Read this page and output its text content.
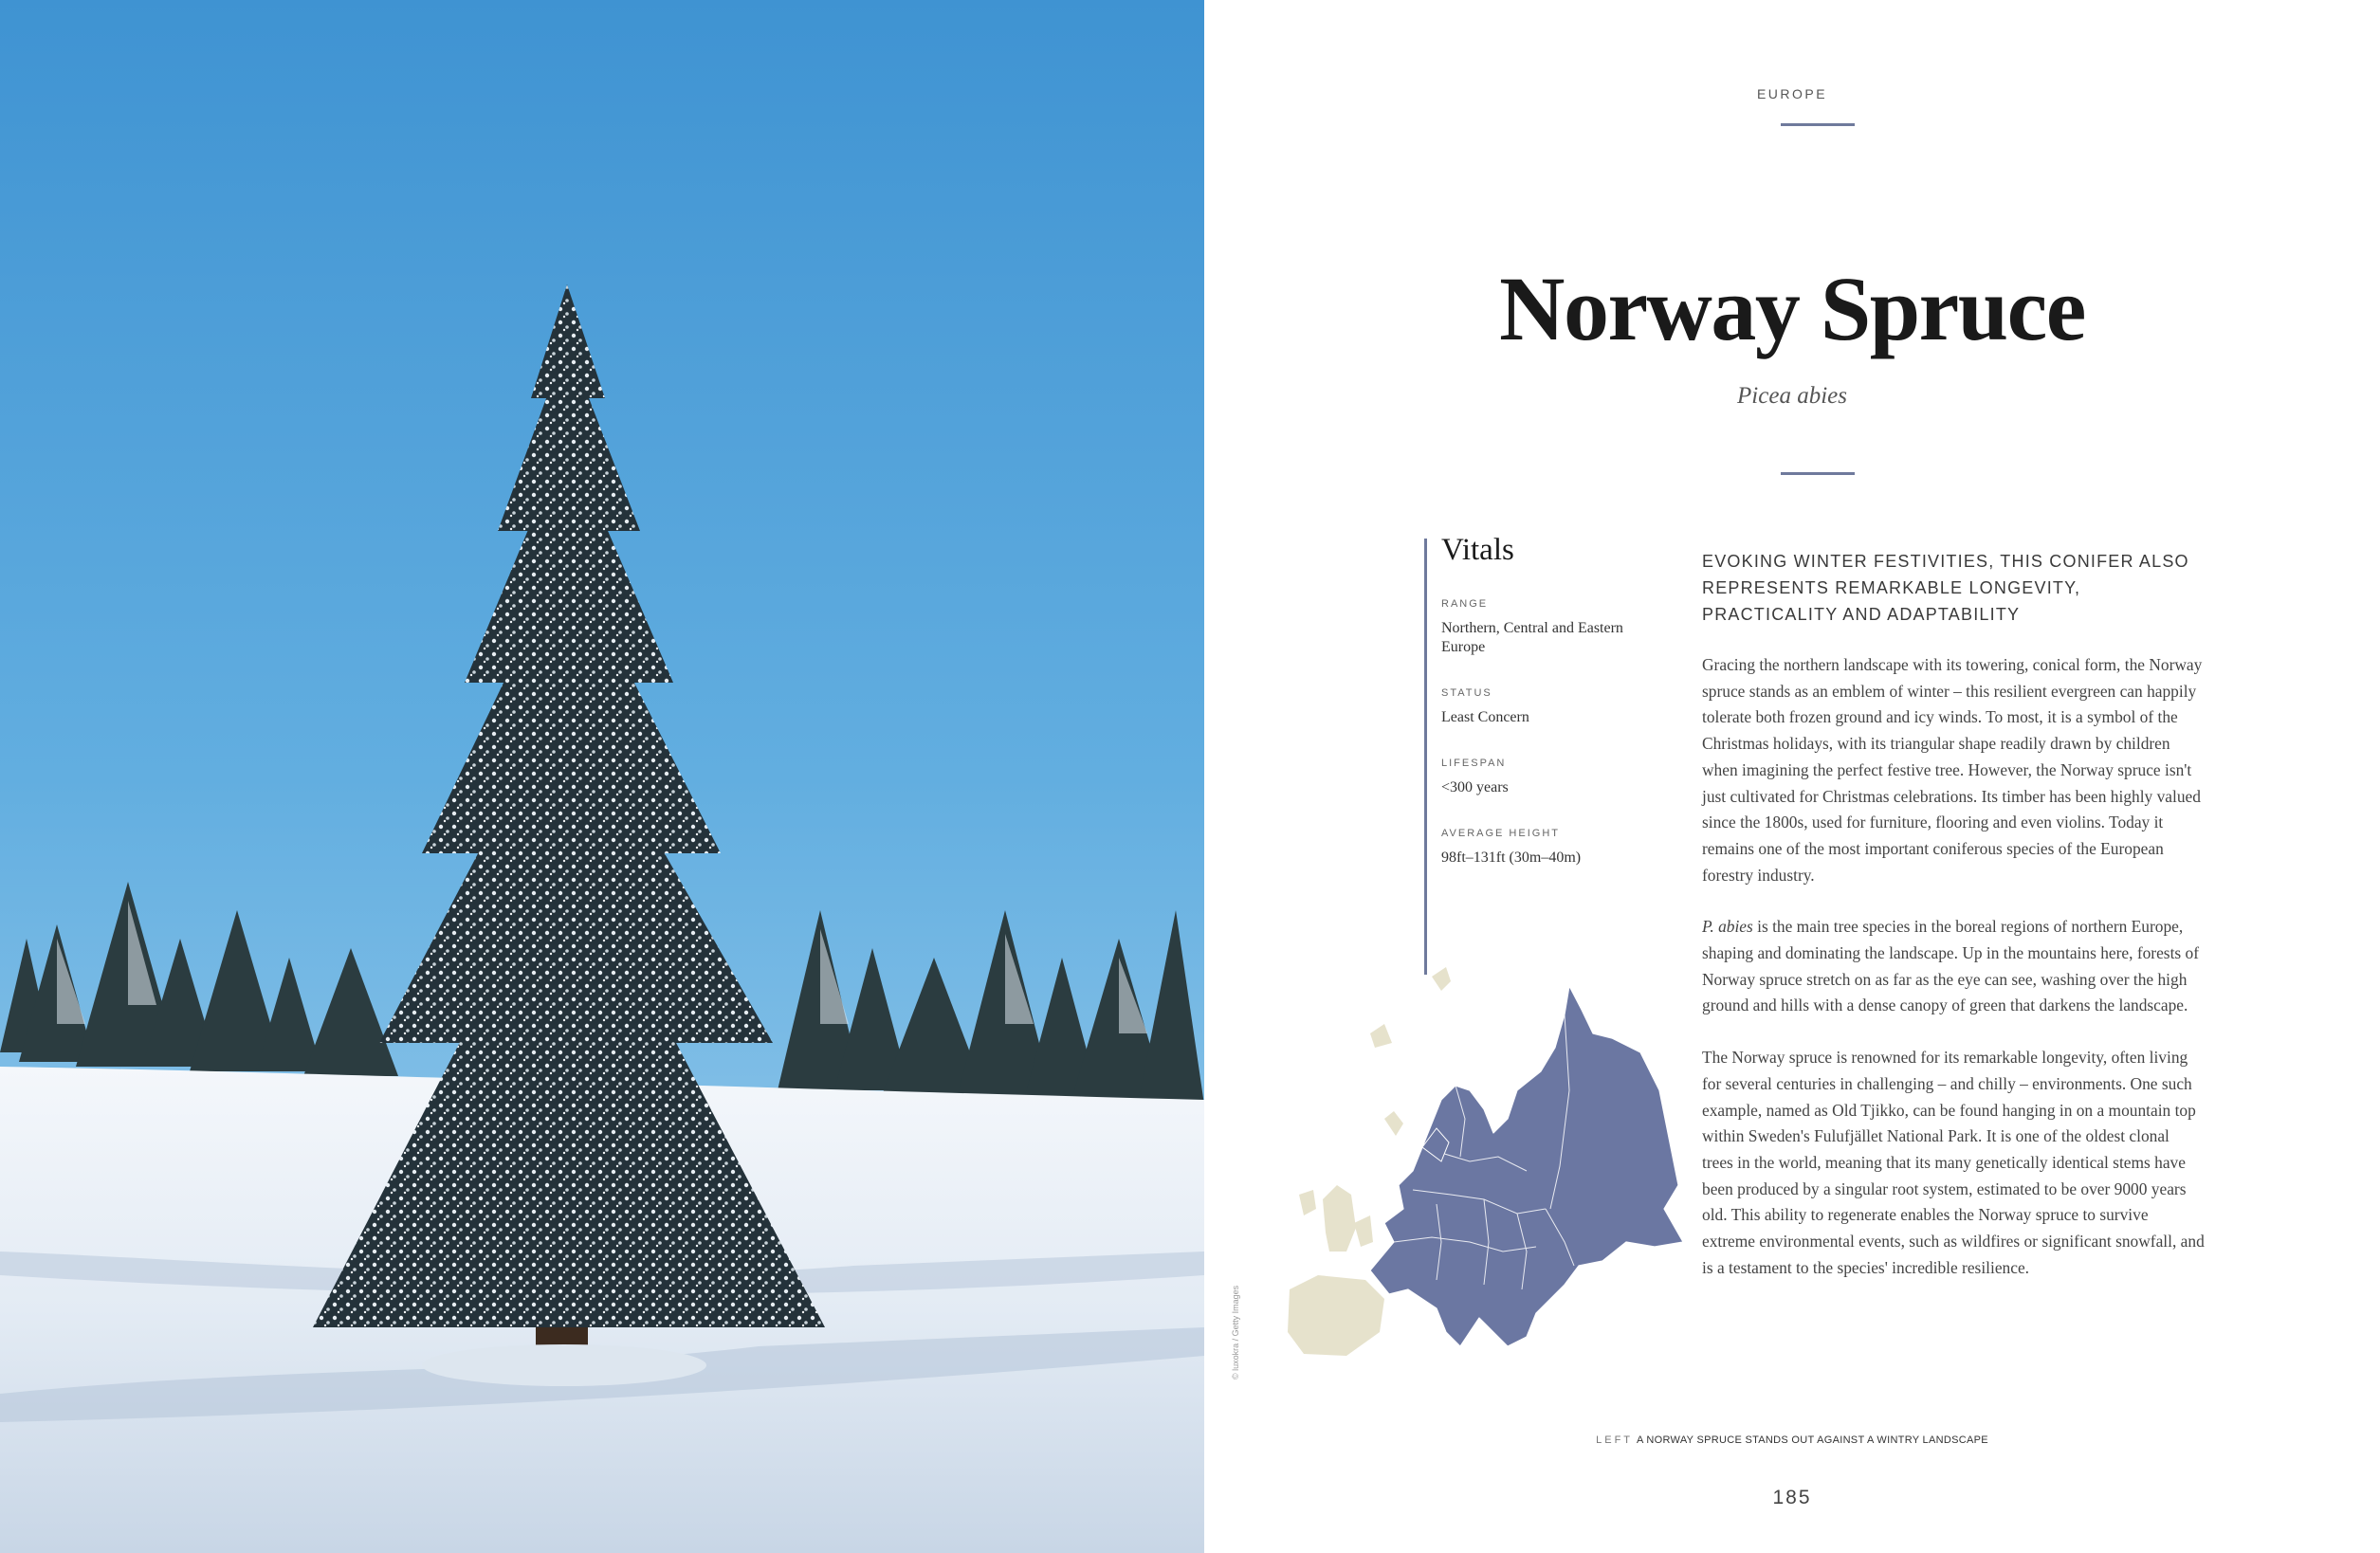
© luxokra / Getty Images
EUROPE
Norway Spruce
Picea abies
Vitals
RANGE
Northern, Central and Eastern Europe
STATUS
Least Concern
LIFESPAN
<300 years
AVERAGE HEIGHT
98ft–131ft (30m–40m)
EVOKING WINTER FESTIVITIES, THIS CONIFER ALSO REPRESENTS REMARKABLE LONGEVITY, PRACTICALITY AND ADAPTABILITY

Gracing the northern landscape with its towering, conical form, the Norway spruce stands as an emblem of winter – this resilient evergreen can happily tolerate both frozen ground and icy winds. To most, it is a symbol of the Christmas holidays, with its triangular shape readily drawn by children when imagining the perfect festive tree. However, the Norway spruce isn't just cultivated for Christmas celebrations. Its timber has been highly valued since the 1800s, used for furniture, flooring and even violins. Today it remains one of the most important coniferous species of the European forestry industry.

P. abies is the main tree species in the boreal regions of northern Europe, shaping and dominating the landscape. Up in the mountains here, forests of Norway spruce stretch on as far as the eye can see, washing over the high ground and hills with a dense canopy of green that darkens the landscape.

The Norway spruce is renowned for its remarkable longevity, often living for several centuries in challenging – and chilly – environments. One such example, named as Old Tjikko, can be found hanging in on a mountain top within Sweden's Fulufjället National Park. It is one of the oldest clonal trees in the world, meaning that its many genetically identical stems have been produced by a singular root system, estimated to be over 9000 years old. This ability to regenerate enables the Norway spruce to survive extreme environmental events, such as wildfires or significant snowfall, and is a testament to the species' incredible resilience.

LEFT A NORWAY SPRUCE STANDS OUT AGAINST A WINTRY LANDSCAPE
185
